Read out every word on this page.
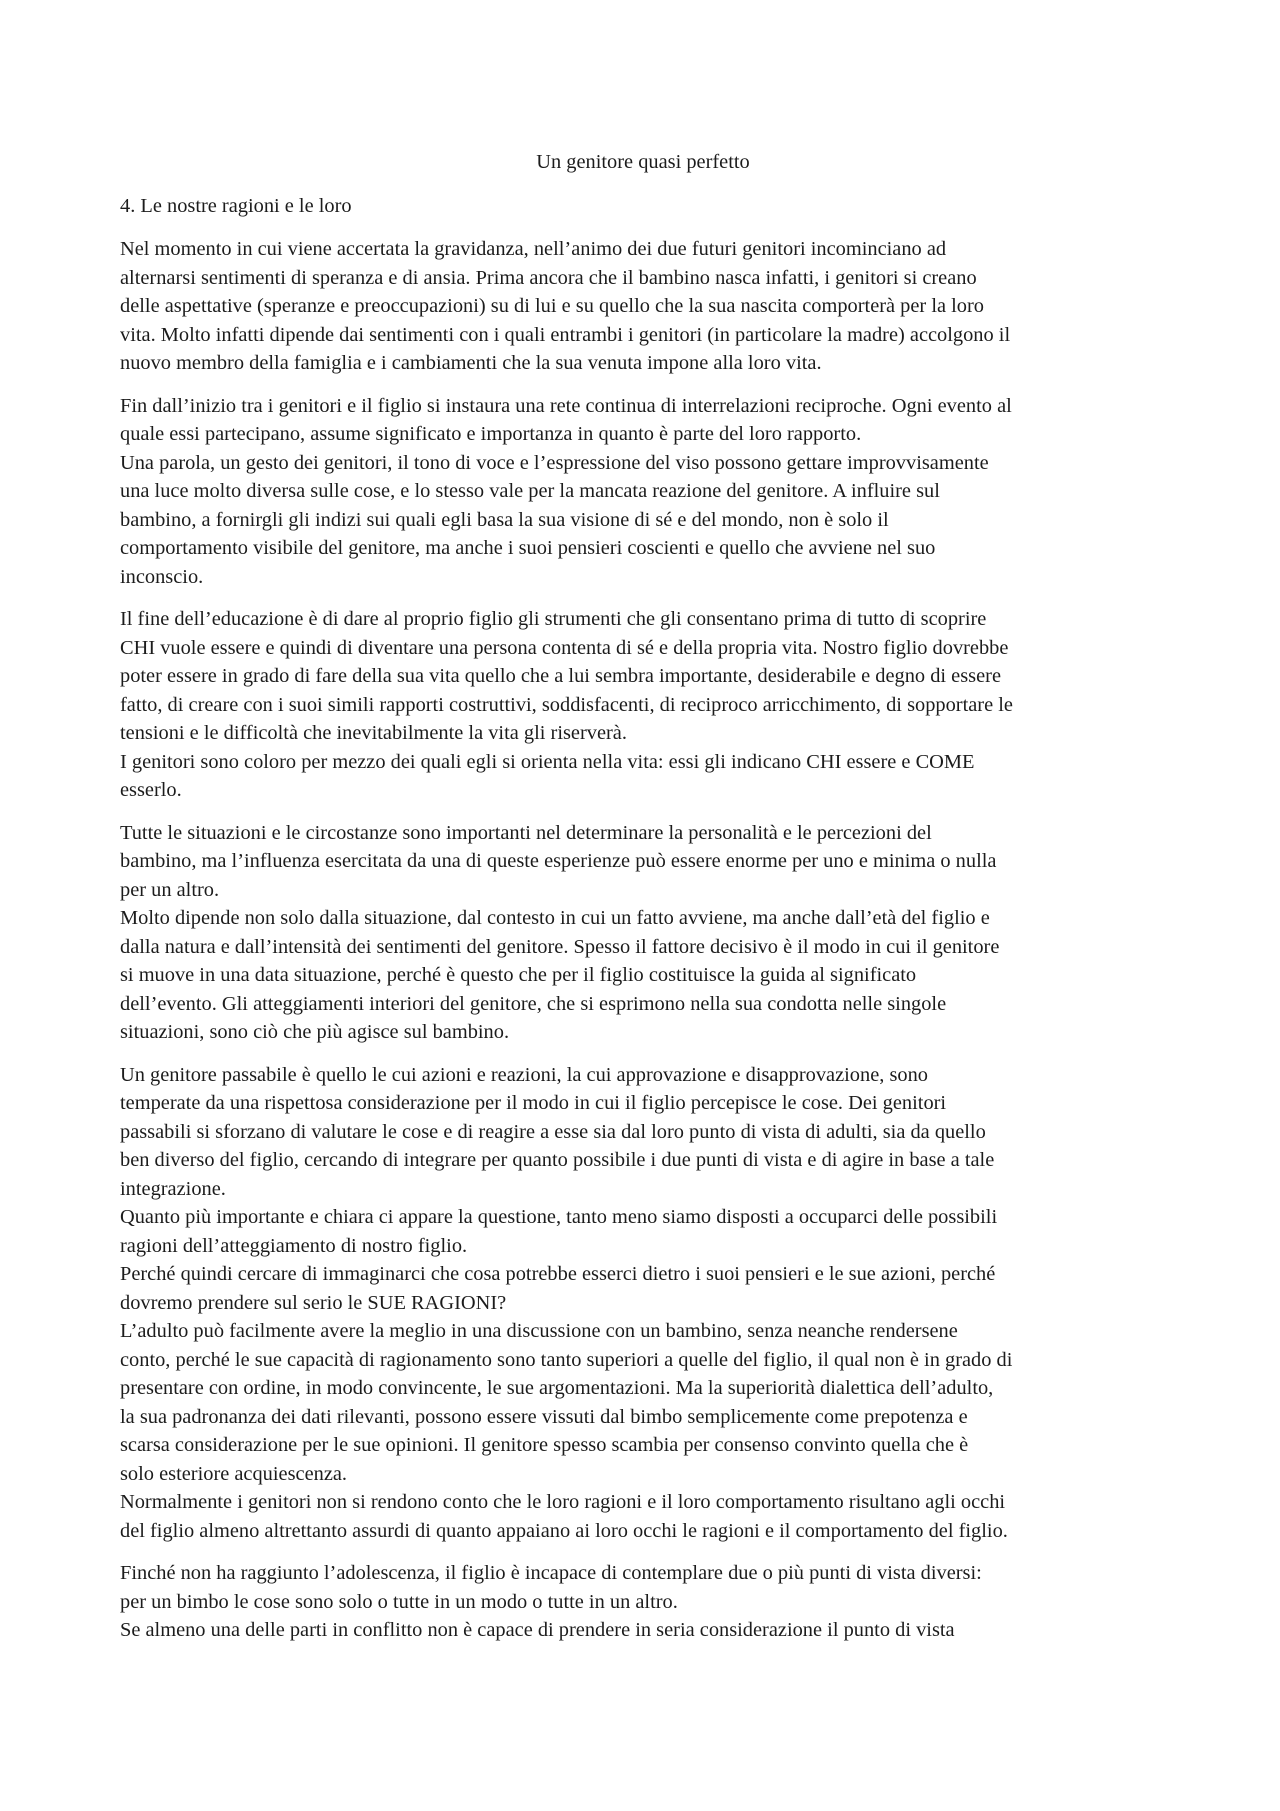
Un genitore quasi perfetto
4. Le nostre ragioni e le loro
Nel momento in cui viene accertata la gravidanza, nell’animo dei due futuri genitori incominciano ad
alternarsi sentimenti di speranza e di ansia. Prima ancora che il bambino nasca infatti, i genitori si creano
delle aspettative (speranze e preoccupazioni) su di lui e su quello che la sua nascita comporterà per la loro
vita. Molto infatti dipende dai sentimenti con i quali entrambi i genitori (in particolare la madre) accolgono il
nuovo membro della famiglia e i cambiamenti che la sua venuta impone alla loro vita.
Fin dall’inizio tra i genitori e il figlio si instaura una rete continua di interrelazioni reciproche. Ogni evento al
quale essi partecipano, assume significato e importanza in quanto è parte del loro rapporto.
Una parola, un gesto dei genitori, il tono di voce e l’espressione del viso possono gettare improvvisamente
una luce molto diversa sulle cose, e lo stesso vale per la mancata reazione del genitore. A influire sul
bambino, a fornirgli gli indizi sui quali egli basa la sua visione di sé e del mondo, non è solo il
comportamento visibile del genitore, ma anche i suoi pensieri coscienti e quello che avviene nel suo
inconscio.
Il fine dell’educazione è di dare al proprio figlio gli strumenti che gli consentano prima di tutto di scoprire
CHI vuole essere e quindi di diventare una persona contenta di sé e della propria vita. Nostro figlio dovrebbe
poter essere in grado di fare della sua vita quello che a lui sembra importante, desiderabile e degno di essere
fatto, di creare con i suoi simili rapporti costruttivi, soddisfacenti, di reciproco arricchimento, di sopportare le
tensioni e le difficoltà che inevitabilmente la vita gli riserverà.
I genitori sono coloro per mezzo dei quali egli si orienta nella vita: essi gli indicano CHI essere e COME
esserlo.
Tutte le situazioni e le circostanze sono importanti nel determinare la personalità e le percezioni del
bambino, ma l’influenza esercitata da una di queste esperienze può essere enorme per uno e minima o nulla
per un altro.
Molto dipende non solo dalla situazione, dal contesto in cui un fatto avviene, ma anche dall’età del figlio e
dalla natura e dall’intensità dei sentimenti del genitore. Spesso il fattore decisivo è il modo in cui il genitore
si muove in una data situazione, perché è questo che per il figlio costituisce la guida al significato
dell’evento. Gli atteggiamenti interiori del genitore, che si esprimono nella sua condotta nelle singole
situazioni, sono ciò che più agisce sul bambino.
Un genitore passabile è quello le cui azioni e reazioni, la cui approvazione e disapprovazione, sono
temperate da una rispettosa considerazione per il modo in cui il figlio percepisce le cose. Dei genitori
passabili si sforzano di valutare le cose e di reagire a esse sia dal loro punto di vista di adulti, sia da quello
ben diverso del figlio, cercando di integrare per quanto possibile i due punti di vista e di agire in base a tale
integrazione.
Quanto più importante e chiara ci appare la questione, tanto meno siamo disposti a occuparci delle possibili
ragioni dell’atteggiamento di nostro figlio.
Perché quindi cercare di immaginarci che cosa potrebbe esserci dietro i suoi pensieri e le sue azioni, perché
dovremo prendere sul serio le SUE RAGIONI?
L’adulto può facilmente avere la meglio in una discussione con un bambino, senza neanche rendersene
conto, perché le sue capacità di ragionamento sono tanto superiori a quelle del figlio, il qual non è in grado di
presentare con ordine, in modo convincente, le sue argomentazioni. Ma la superiorità dialettica dell’adulto,
la sua padronanza dei dati rilevanti, possono essere vissuti dal bimbo semplicemente come prepotenza e
scarsa considerazione per le sue opinioni. Il genitore spesso scambia per consenso convinto quella che è
solo esteriore acquiescenza.
Normalmente i genitori non si rendono conto che le loro ragioni e il loro comportamento risultano agli occhi
del figlio almeno altrettanto assurdi di quanto appaiano ai loro occhi le ragioni e il comportamento del figlio.
Finché non ha raggiunto l’adolescenza, il figlio è incapace di contemplare due o più punti di vista diversi:
per un bimbo le cose sono solo o tutte in un modo o tutte in un altro.
Se almeno una delle parti in conflitto non è capace di prendere in seria considerazione il punto di vista
